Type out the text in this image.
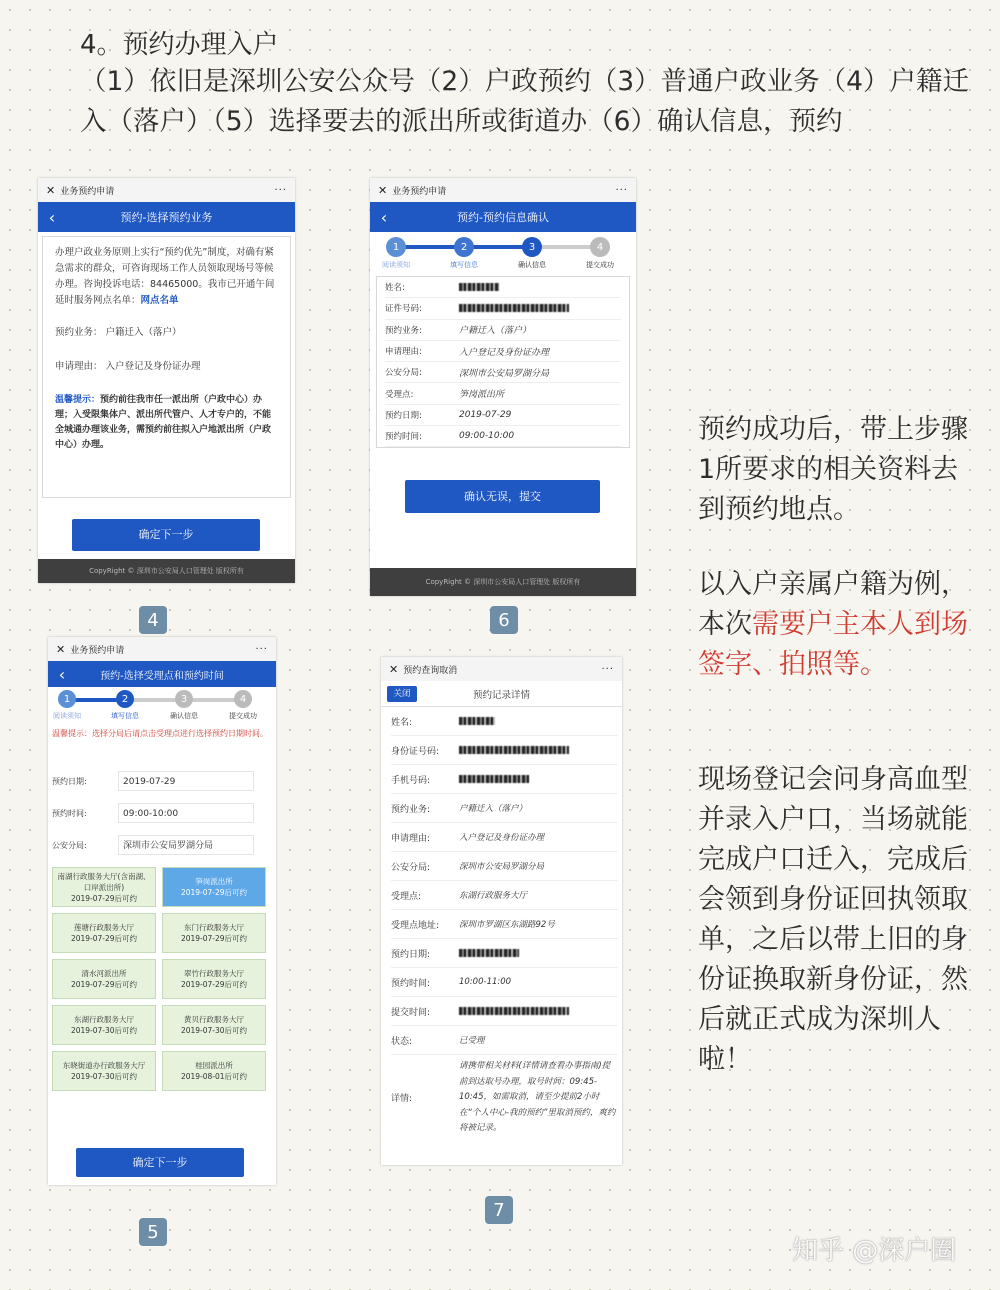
4。预约办理入户
（1）依旧是深圳公安公众号（2）户政预约（3）普通户政业务（4）户籍迁入（落户）（5）选择要去的派出所或街道办（6）确认信息，预约
✕ 业务预约申请	···
‹	预约-选择预约业务
办理户政业务原则上实行“预约优先”制度，对确有紧急需求的群众，可咨询现场工作人员领取现场号等候办理。咨询投诉电话：84465000。我市已开通午间延时服务网点名单：网点名单
预约业务： 户籍迁入（落户）
申请理由： 入户登记及身份证办理
温馨提示：预约前往我市任一派出所（户政中心）办理；入受限集体户、派出所代管户、人才专户的，不能全城通办理该业务，需预约前往拟入户地派出所（户政中心）办理。
确定下一步
CopyRight © 深圳市公安局人口管理处 版权所有
4
✕ 业务预约申请	···
‹	预约-预约信息确认
1	2	3	4
阅读须知	填写信息	确认信息	提交成功
姓名:
证件号码:
预约业务:	户籍迁入（落户）
申请理由:	入户登记及身份证办理
公安分局:	深圳市公安局罗湖分局
受理点:	笋岗派出所
预约日期:	2019-07-29
预约时间:	09:00-10:00
确认无误，提交
CopyRight © 深圳市公安局人口管理处 版权所有
6
✕ 业务预约申请	···
‹	预约-选择受理点和预约时间
1	2	3	4
阅读须知	填写信息	确认信息	提交成功
温馨提示：选择分局后请点击受理点进行选择预约日期时间。
预约日期:	2019-07-29
预约时间:	09:00-10:00
公安分局:	深圳市公安局罗湖分局
南湖行政服务大厅(含南湖、口岸派出所)
2019-07-29后可约
笋岗派出所
2019-07-29后可约
莲塘行政服务大厅
2019-07-29后可约
东门行政服务大厅
2019-07-29后可约
清水河派出所
2019-07-29后可约
翠竹行政服务大厅
2019-07-29后可约
东湖行政服务大厅
2019-07-30后可约
黄贝行政服务大厅
2019-07-30后可约
东晓街道办行政服务大厅
2019-07-30后可约
桂园派出所
2019-08-01后可约
确定下一步
5
✕ 预约查询取消	···
关闭	预约记录详情
姓名:
身份证号码:
手机号码:
预约业务:	户籍迁入（落户）
申请理由:	入户登记及身份证办理
公安分局:	深圳市公安局罗湖分局
受理点:	东湖行政服务大厅
受理点地址:	深圳市罗湖区东湖路92号
预约日期:
预约时间:	10:00-11:00
提交时间:
状态:	已受理
详情:
请携带相关材料(详情请查看办事指南)提前到达取号办理，取号时间：09:45-10:45，如需取消，请至少提前2小时在“个人中心-我的预约”里取消预约，爽约将被记录。
7
预约成功后，带上步骤1所要求的相关资料去到预约地点。
以入户亲属户籍为例，本次需要户主本人到场签字、拍照等。
现场登记会问身高血型并录入户口，当场就能完成户口迁入，完成后会领到身份证回执领取单，之后以带上旧的身份证换取新身份证，然后就正式成为深圳人啦！
知乎 @深户圈
